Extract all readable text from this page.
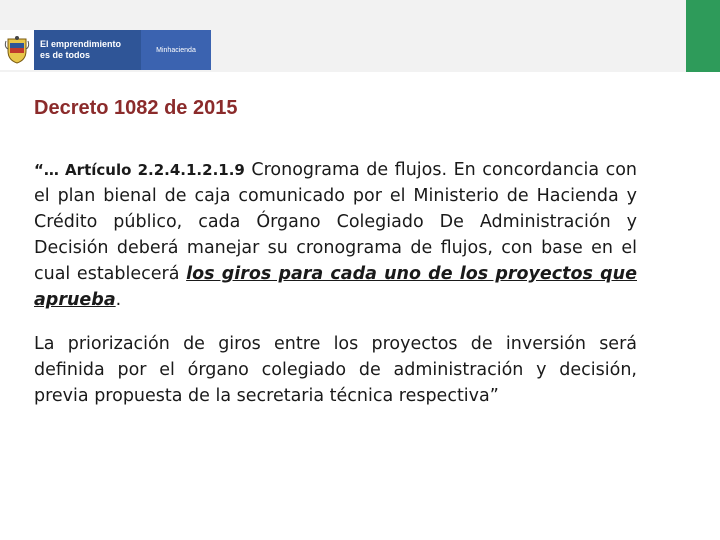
El emprendimiento
es de todos	Minhacienda
Decreto 1082 de 2015

“… Artículo 2.2.4.1.2.1.9 Cronograma de flujos. En concordancia con el plan bienal de caja comunicado por el Ministerio de Hacienda y Crédito público, cada Órgano Colegiado De Administración y Decisión deberá manejar su cronograma de flujos, con base en el cual establecerá los giros para cada uno de los proyectos que aprueba.

La priorización de giros entre los proyectos de inversión será definida por el órgano colegiado de administración y decisión, previa propuesta de la secretaria técnica respectiva”
